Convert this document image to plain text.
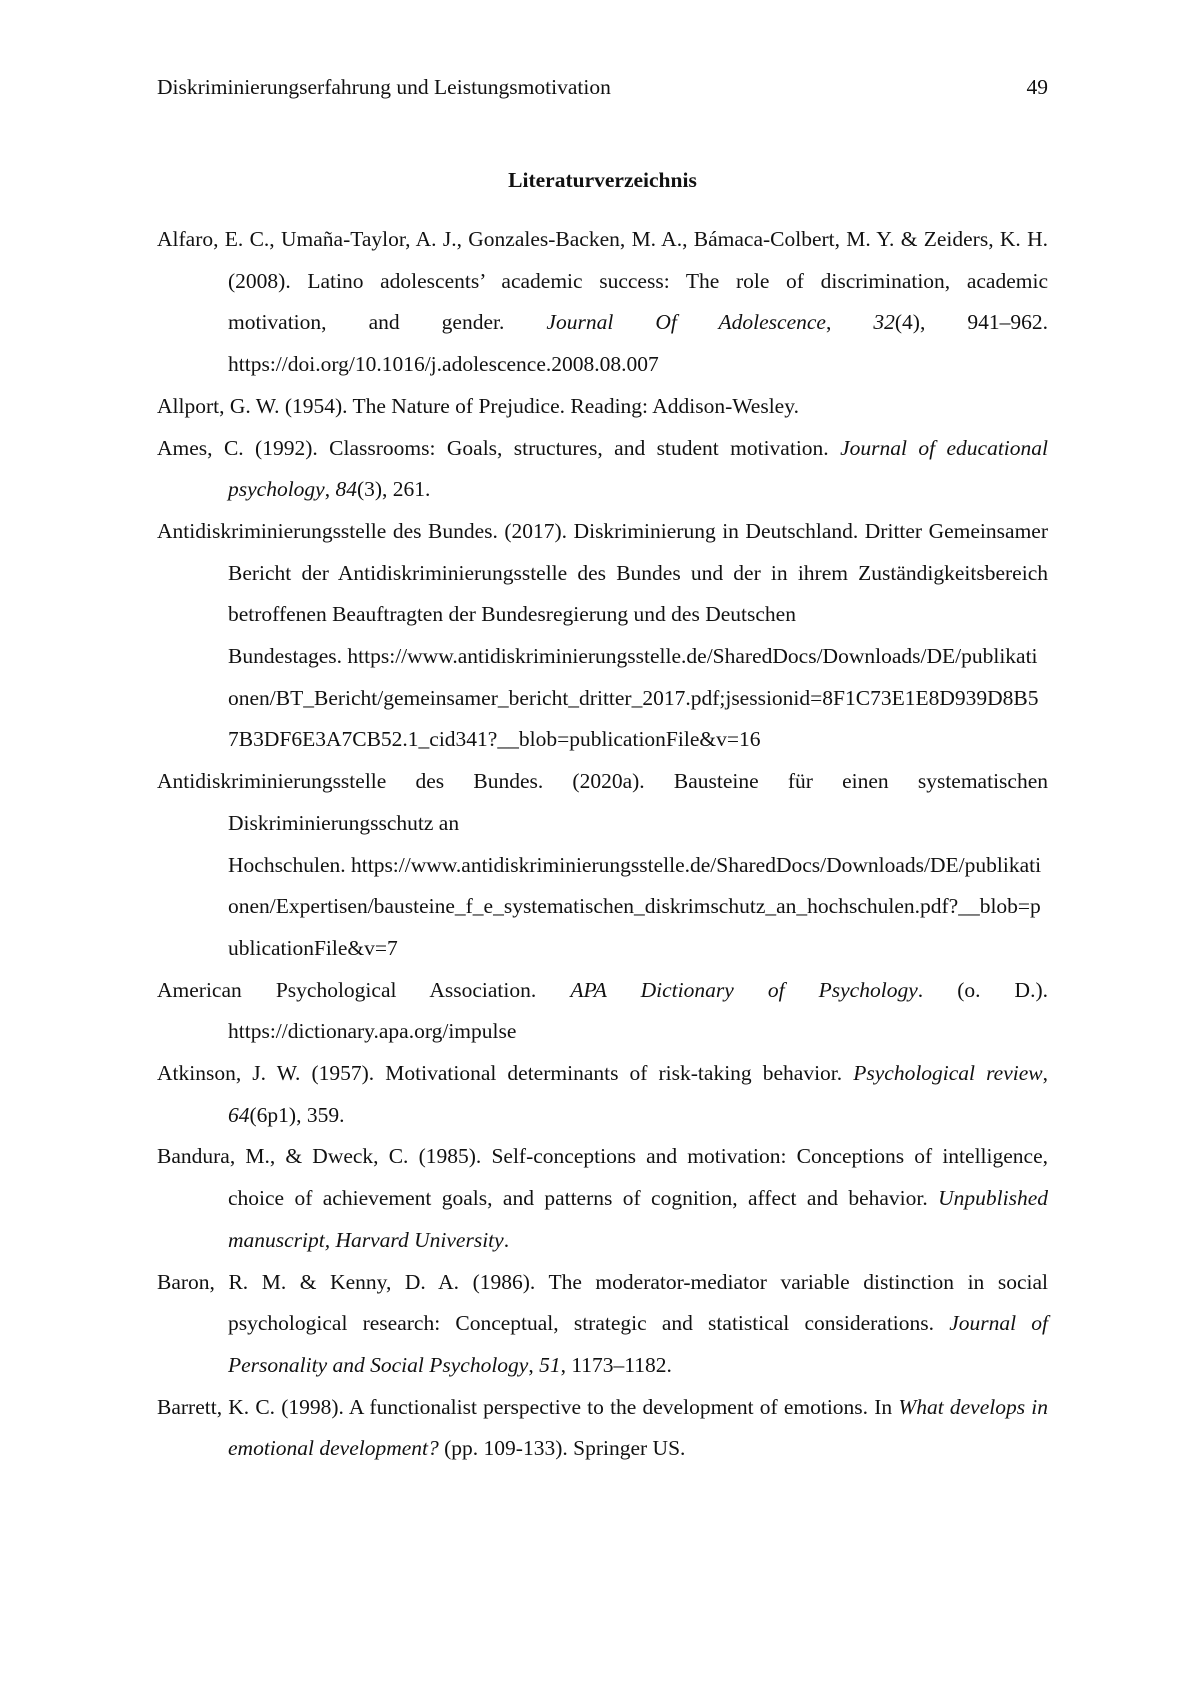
Diskriminierungserfahrung und Leistungsmotivation	49
Literaturverzeichnis

Alfaro, E. C., Umaña-Taylor, A. J., Gonzales-Backen, M. A., Bámaca-Colbert, M. Y. & Zeiders, K. H. (2008). Latino adolescents’ academic success: The role of discrimination, academic motivation, and gender. Journal Of Adolescence, 32(4), 941–962. https://doi.org/10.1016/j.adolescence.2008.08.007

Allport, G. W. (1954). The Nature of Prejudice. Reading: Addison-Wesley.

Ames, C. (1992). Classrooms: Goals, structures, and student motivation. Journal of educational psychology, 84(3), 261.

Antidiskriminierungsstelle des Bundes. (2017). Diskriminierung in Deutschland. Dritter Gemeinsamer Bericht der Antidiskriminierungsstelle des Bundes und der in ihrem Zuständigkeitsbereich betroffenen Beauftragten der Bundesregierung und des Deutschen
Bundestages. https://www.antidiskriminierungsstelle.de/SharedDocs/Downloads/DE/publikationen/BT_Bericht/gemeinsamer_bericht_dritter_2017.pdf;jsessionid=8F1C73E1E8D939D8B57B3DF6E3A7CB52.1_cid341?__blob=publicationFile&v=16

Antidiskriminierungsstelle des Bundes. (2020a). Bausteine für einen systematischen Diskriminierungsschutz an
Hochschulen. https://www.antidiskriminierungsstelle.de/SharedDocs/Downloads/DE/publikationen/Expertisen/bausteine_f_e_systematischen_diskrimschutz_an_hochschulen.pdf?__blob=publicationFile&v=7

American Psychological Association. APA Dictionary of Psychology. (o. D.). https://dictionary.apa.org/impulse

Atkinson, J. W. (1957). Motivational determinants of risk-taking behavior. Psychological review, 64(6p1), 359.

Bandura, M., & Dweck, C. (1985). Self-conceptions and motivation: Conceptions of intelligence, choice of achievement goals, and patterns of cognition, affect and behavior. Unpublished manuscript, Harvard University.

Baron, R. M. & Kenny, D. A. (1986). The moderator-mediator variable distinction in social psychological research: Conceptual, strategic and statistical considerations. Journal of Personality and Social Psychology, 51, 1173–1182.

Barrett, K. C. (1998). A functionalist perspective to the development of emotions. In What develops in emotional development? (pp. 109-133). Springer US.
